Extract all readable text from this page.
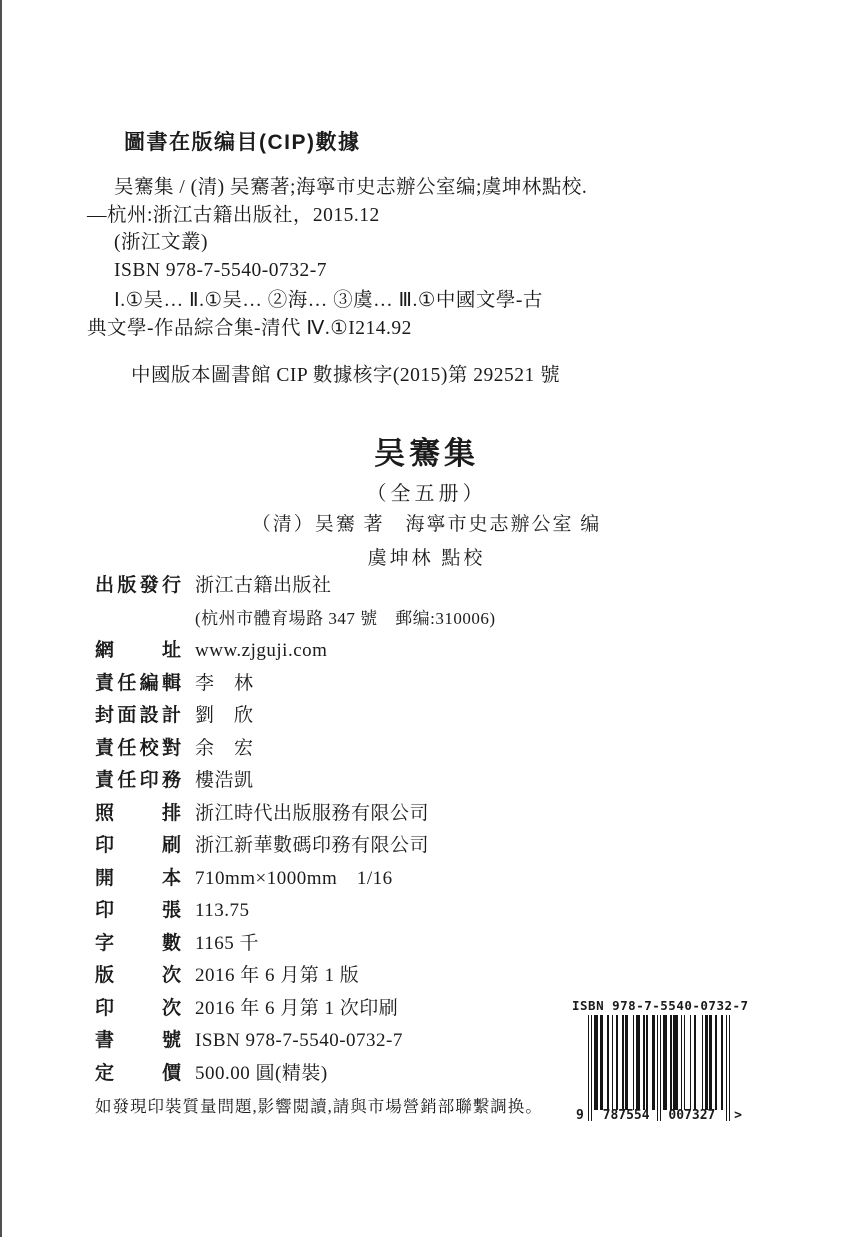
圖書在版编目(CIP)數據
吴騫集 / (清) 吴騫著;海寧市史志辦公室编;虞坤林點校.
—杭州:浙江古籍出版社，2015.12
(浙江文叢)
ISBN 978-7-5540-0732-7
Ⅰ.①吴… Ⅱ.①吴… ②海… ③虞… Ⅲ.①中國文學-古
典文學-作品綜合集-清代 Ⅳ.①I214.92
中國版本圖書館 CIP 數據核字(2015)第 292521 號
吴騫集
（全五册）
（清）吴騫 著　海寧市史志辦公室 编
虞坤林 點校
出版發行 浙江古籍出版社
(杭州市體育場路 347 號　郵编:310006)
網址 www.zjguji.com
責任編輯 李　林
封面設計 劉　欣
責任校對 余　宏
責任印務 樓浩凱
照排 浙江時代出版服務有限公司
印刷 浙江新華數碼印務有限公司
開本 710mm×1000mm　1/16
印張 113.75
字數 1165 千
版次 2016 年 6 月第 1 版
印次 2016 年 6 月第 1 次印刷
書號 ISBN 978-7-5540-0732-7
定價 500.00 圓(精裝)
如發現印裝質量問題,影響閲讀,請與市場營銷部聯繫調换。
ISBN 978-7-5540-0732-7
9 787554 007327 >
